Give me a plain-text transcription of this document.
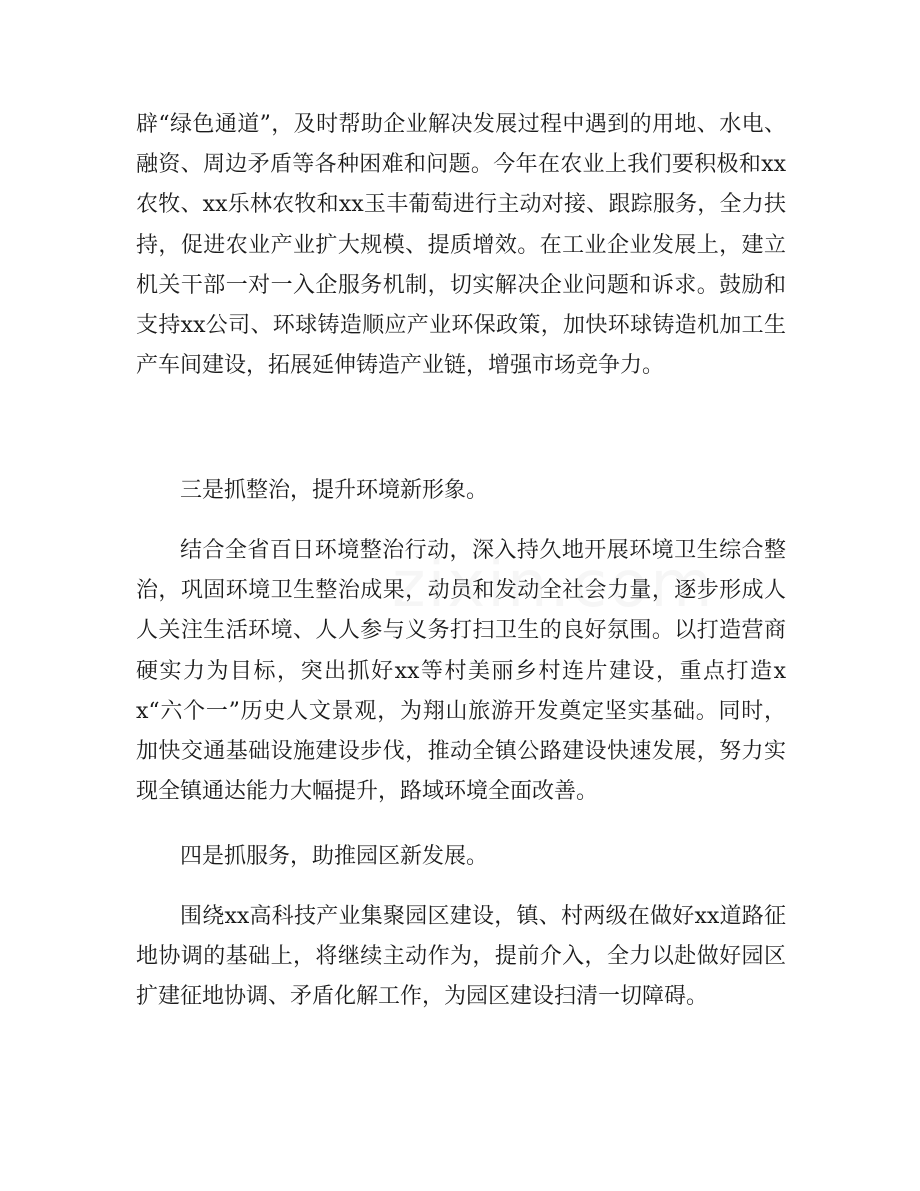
辟“绿色通道”，及时帮助企业解决发展过程中遇到的用地、水电、融资、周边矛盾等各种困难和问题。今年在农业上我们要积极和xx农牧、xx乐林农牧和xx玉丰葡萄进行主动对接、跟踪服务，全力扶持，促进农业产业扩大规模、提质增效。在工业企业发展上，建立机关干部一对一入企服务机制，切实解决企业问题和诉求。鼓励和支持xx公司、环球铸造顺应产业环保政策，加快环球铸造机加工生产车间建设，拓展延伸铸造产业链，增强市场竞争力。

三是抓整治，提升环境新形象。

结合全省百日环境整治行动，深入持久地开展环境卫生综合整治，巩固环境卫生整治成果，动员和发动全社会力量，逐步形成人人关注生活环境、人人参与义务打扫卫生的良好氛围。以打造营商硬实力为目标，突出抓好xx等村美丽乡村连片建设，重点打造xx“六个一”历史人文景观，为翔山旅游开发奠定坚实基础。同时，加快交通基础设施建设步伐，推动全镇公路建设快速发展，努力实现全镇通达能力大幅提升，路域环境全面改善。

四是抓服务，助推园区新发展。

围绕xx高科技产业集聚园区建设，镇、村两级在做好xx道路征地协调的基础上，将继续主动作为，提前介入，全力以赴做好园区扩建征地协调、矛盾化解工作，为园区建设扫清一切障碍。
